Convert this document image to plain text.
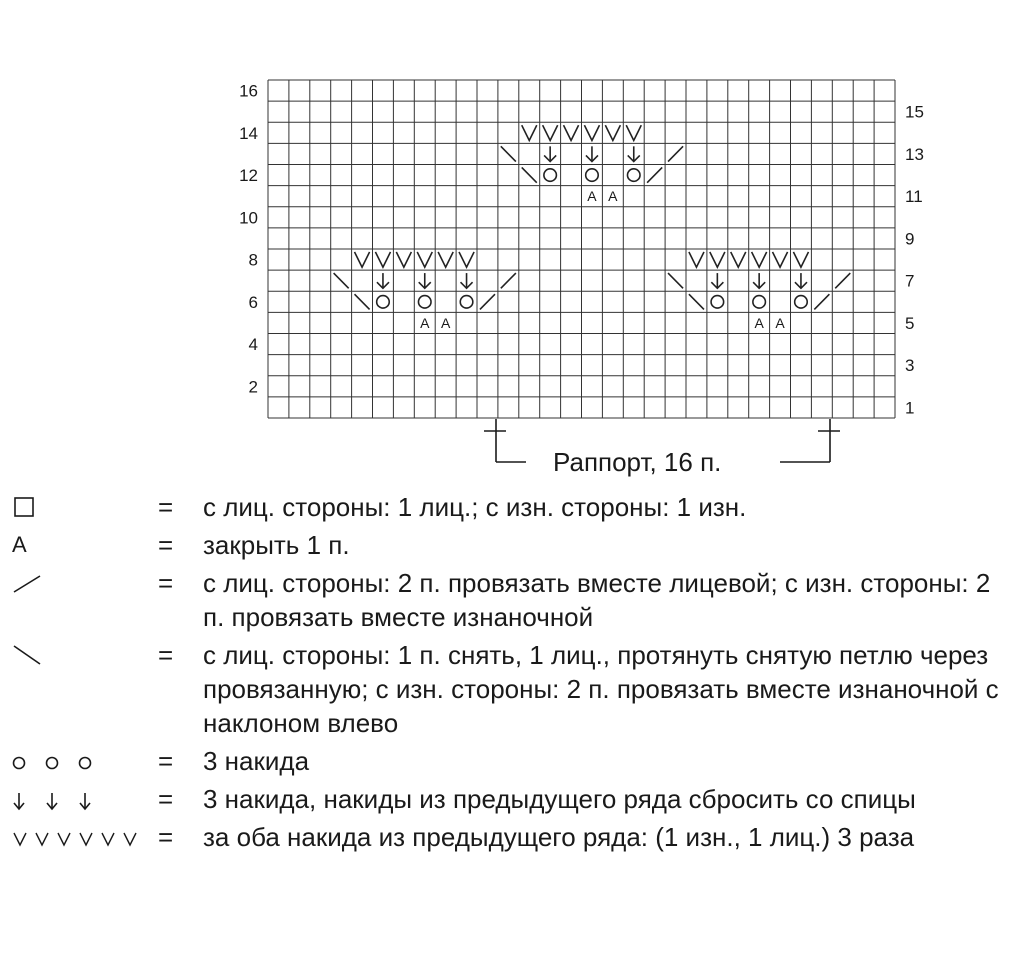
A A	A A
A A
16
14
12
10
8
6
4
2
15
13
11
9
7
5
3
1
Раппорт, 16 п.
= с лиц. стороны: 1 лиц.; с изн. стороны: 1 изн.
A	= закрыть 1 п.
= с лиц. стороны: 2 п. провязать вместе лицевой; с изн. стороны: 2 п. провязать вместе изнаночной
= с лиц. стороны: 1 п. снять, 1 лиц., протянуть снятую петлю через провязанную; с изн. стороны: 2 п. провязать вместе изнаночной с наклоном влево
= 3 накида
= 3 накида, накиды из предыдущего ряда сбросить со спицы
= за оба накида из предыдущего ряда: (1 изн., 1 лиц.) 3 раза
